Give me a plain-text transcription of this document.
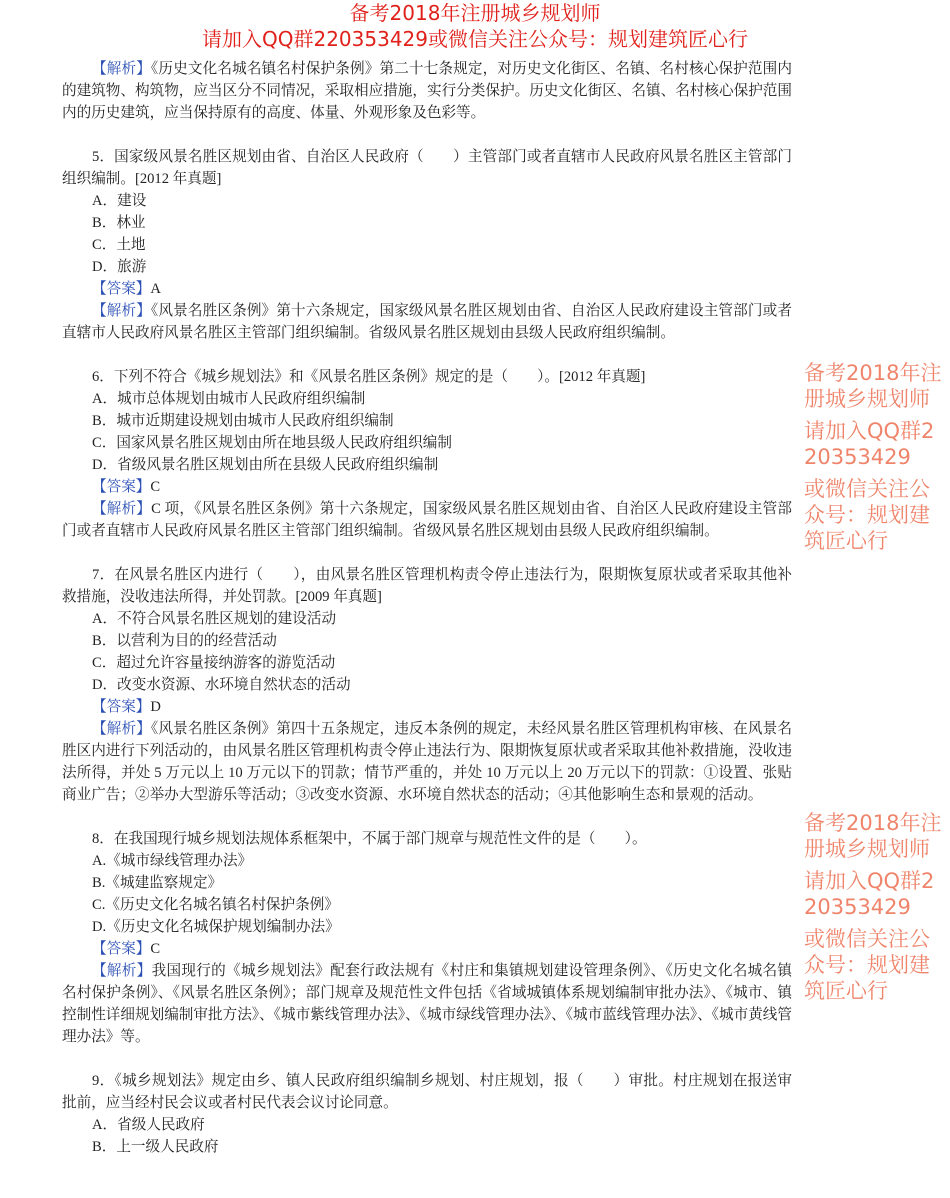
备考2018年注册城乡规划师
请加入QQ群220353429或微信关注公众号：规划建筑匠心行
备考2018年注册城乡规划师
请加入QQ群220353429
或微信关注公众号：规划建筑匠心行
备考2018年注册城乡规划师
请加入QQ群220353429
或微信关注公众号：规划建筑匠心行

【解析】《历史文化名城名镇名村保护条例》第二十七条规定，对历史文化街区、名镇、名村核心保护范围内的建筑物、构筑物，应当区分不同情况，采取相应措施，实行分类保护。历史文化街区、名镇、名村核心保护范围内的历史建筑，应当保持原有的高度、体量、外观形象及色彩等。

5．国家级风景名胜区规划由省、自治区人民政府（　　）主管部门或者直辖市人民政府风景名胜区主管部门组织编制。[2012 年真题]

A．建设

B．林业

C．土地

D．旅游

【答案】A

【解析】《风景名胜区条例》第十六条规定，国家级风景名胜区规划由省、自治区人民政府建设主管部门或者直辖市人民政府风景名胜区主管部门组织编制。省级风景名胜区规划由县级人民政府组织编制。

6．下列不符合《城乡规划法》和《风景名胜区条例》规定的是（　　）。[2012 年真题]

A．城市总体规划由城市人民政府组织编制

B．城市近期建设规划由城市人民政府组织编制

C．国家风景名胜区规划由所在地县级人民政府组织编制

D．省级风景名胜区规划由所在县级人民政府组织编制

【答案】C

【解析】C 项，《风景名胜区条例》第十六条规定，国家级风景名胜区规划由省、自治区人民政府建设主管部门或者直辖市人民政府风景名胜区主管部门组织编制。省级风景名胜区规划由县级人民政府组织编制。

7．在风景名胜区内进行（　　），由风景名胜区管理机构责令停止违法行为，限期恢复原状或者采取其他补救措施，没收违法所得，并处罚款。[2009 年真题]

A．不符合风景名胜区规划的建设活动

B．以营利为目的的经营活动

C．超过允许容量接纳游客的游览活动

D．改变水资源、水环境自然状态的活动

【答案】D

【解析】《风景名胜区条例》第四十五条规定，违反本条例的规定，未经风景名胜区管理机构审核、在风景名胜区内进行下列活动的，由风景名胜区管理机构责令停止违法行为、限期恢复原状或者采取其他补救措施，没收违法所得，并处 5 万元以上 10 万元以下的罚款；情节严重的，并处 10 万元以上 20 万元以下的罚款：①设置、张贴商业广告；②举办大型游乐等活动；③改变水资源、水环境自然状态的活动；④其他影响生态和景观的活动。

8．在我国现行城乡规划法规体系框架中，不属于部门规章与规范性文件的是（　　）。

A.《城市绿线管理办法》

B.《城建监察规定》

C.《历史文化名城名镇名村保护条例》

D.《历史文化名城保护规划编制办法》

【答案】C

【解析】我国现行的《城乡规划法》配套行政法规有《村庄和集镇规划建设管理条例》、《历史文化名城名镇名村保护条例》、《风景名胜区条例》；部门规章及规范性文件包括《省域城镇体系规划编制审批办法》、《城市、镇控制性详细规划编制审批方法》、《城市紫线管理办法》、《城市绿线管理办法》、《城市蓝线管理办法》、《城市黄线管理办法》等。

9．《城乡规划法》规定由乡、镇人民政府组织编制乡规划、村庄规划，报（　　）审批。村庄规划在报送审批前，应当经村民会议或者村民代表会议讨论同意。

A．省级人民政府

B．上一级人民政府
